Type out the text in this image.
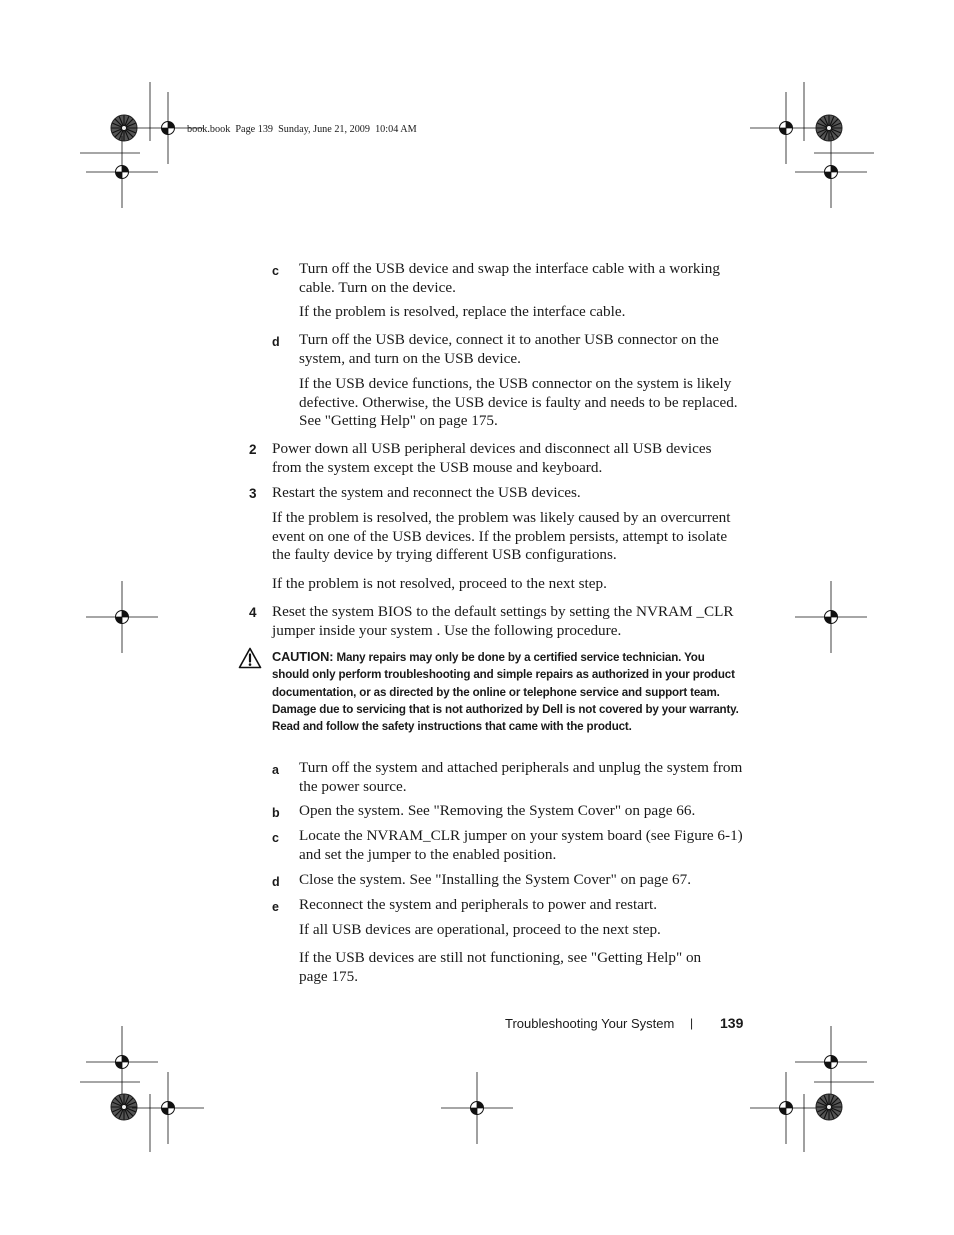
book.book  Page 139  Sunday, June 21, 2009  10:04 AM
c Turn off the USB device and swap the interface cable with a working cable. Turn on the device.
If the problem is resolved, replace the interface cable.
d Turn off the USB device, connect it to another USB connector on the system, and turn on the USB device.
If the USB device functions, the USB connector on the system is likely defective. Otherwise, the USB device is faulty and needs to be replaced. See "Getting Help" on page 175.
2 Power down all USB peripheral devices and disconnect all USB devices from the system except the USB mouse and keyboard.
3 Restart the system and reconnect the USB devices.
If the problem is resolved, the problem was likely caused by an overcurrent event on one of the USB devices. If the problem persists, attempt to isolate the faulty device by trying different USB configurations.
If the problem is not resolved, proceed to the next step.
4 Reset the system BIOS to the default settings by setting the NVRAM _CLR jumper inside your system . Use the following procedure.
CAUTION: Many repairs may only be done by a certified service technician. You should only perform troubleshooting and simple repairs as authorized in your product documentation, or as directed by the online or telephone service and support team. Damage due to servicing that is not authorized by Dell is not covered by your warranty. Read and follow the safety instructions that came with the product.
a Turn off the system and attached peripherals and unplug the system from the power source.
b Open the system. See "Removing the System Cover" on page 66.
c Locate the NVRAM_CLR jumper on your system board (see Figure 6-1) and set the jumper to the enabled position.
d Close the system. See "Installing the System Cover" on page 67.
e Reconnect the system and peripherals to power and restart.
If all USB devices are operational, proceed to the next step.
If the USB devices are still not functioning, see "Getting Help" on page 175.
Troubleshooting Your System | 139
